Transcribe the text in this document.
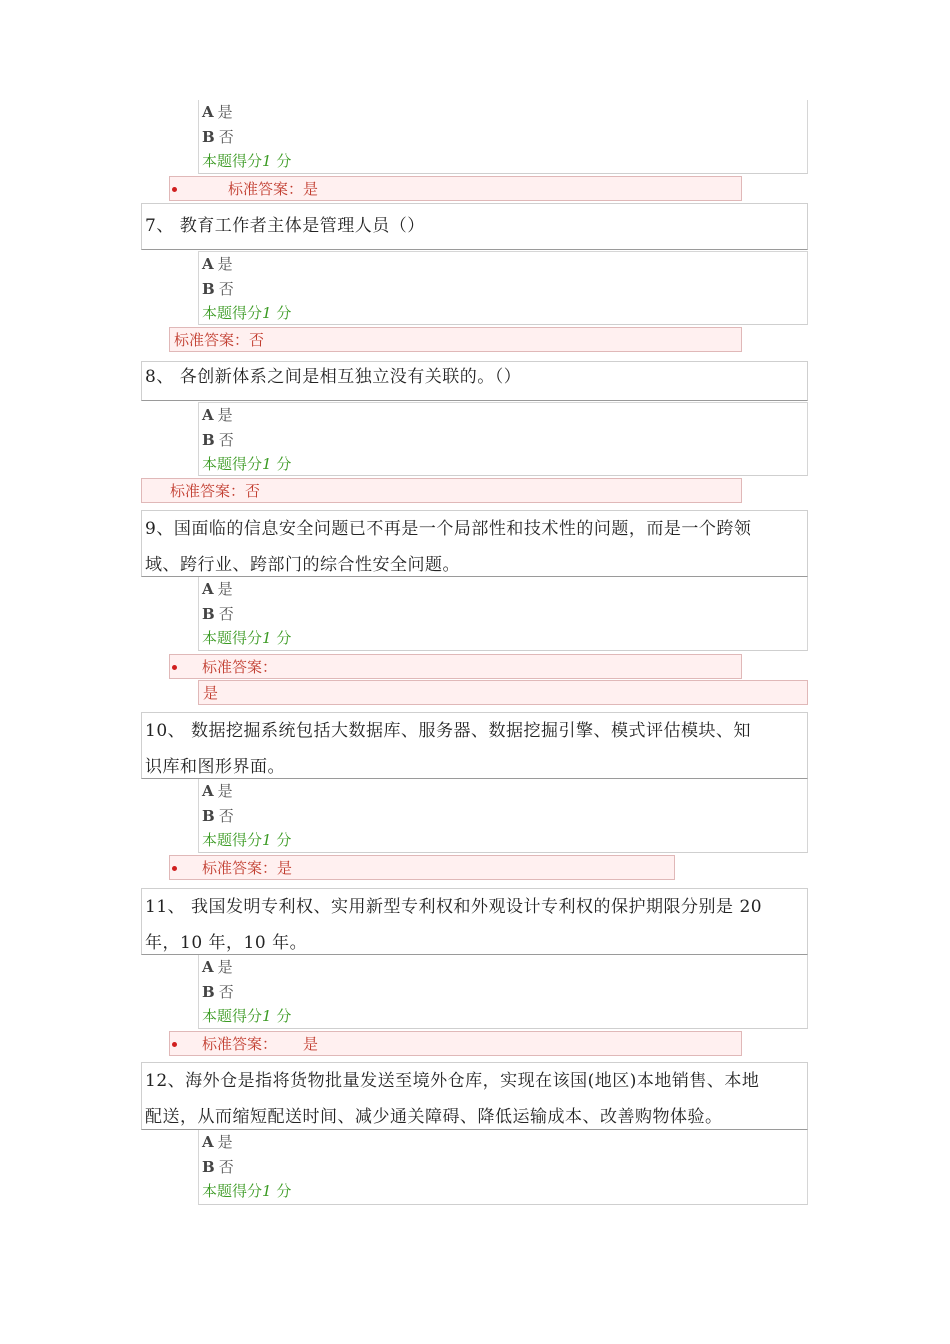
A 是
B 否
本题得分1 分
标准答案：是
7、 教育工作者主体是管理人员（）
A 是
B 否
本题得分1 分
标准答案：否
8、 各创新体系之间是相互独立没有关联的。（）
A 是
B 否
本题得分1 分
标准答案：否
9、国面临的信息安全问题已不再是一个局部性和技术性的问题，而是一个跨领
域、跨行业、跨部门的综合性安全问题。
A 是
B 否
本题得分1 分
标准答案：
是
10、 数据挖掘系统包括大数据库、服务器、数据挖掘引擎、模式评估模块、知
识库和图形界面。
A 是
B 否
本题得分1 分
标准答案：是
11、 我国发明专利权、实用新型专利权和外观设计专利权的保护期限分别是 20
年，10 年，10 年。
A 是
B 否
本题得分1 分
标准答案： 是
12、海外仓是指将货物批量发送至境外仓库，实现在该国(地区)本地销售、本地
配送，从而缩短配送时间、减少通关障碍、降低运输成本、改善购物体验。
A 是
B 否
本题得分1 分
